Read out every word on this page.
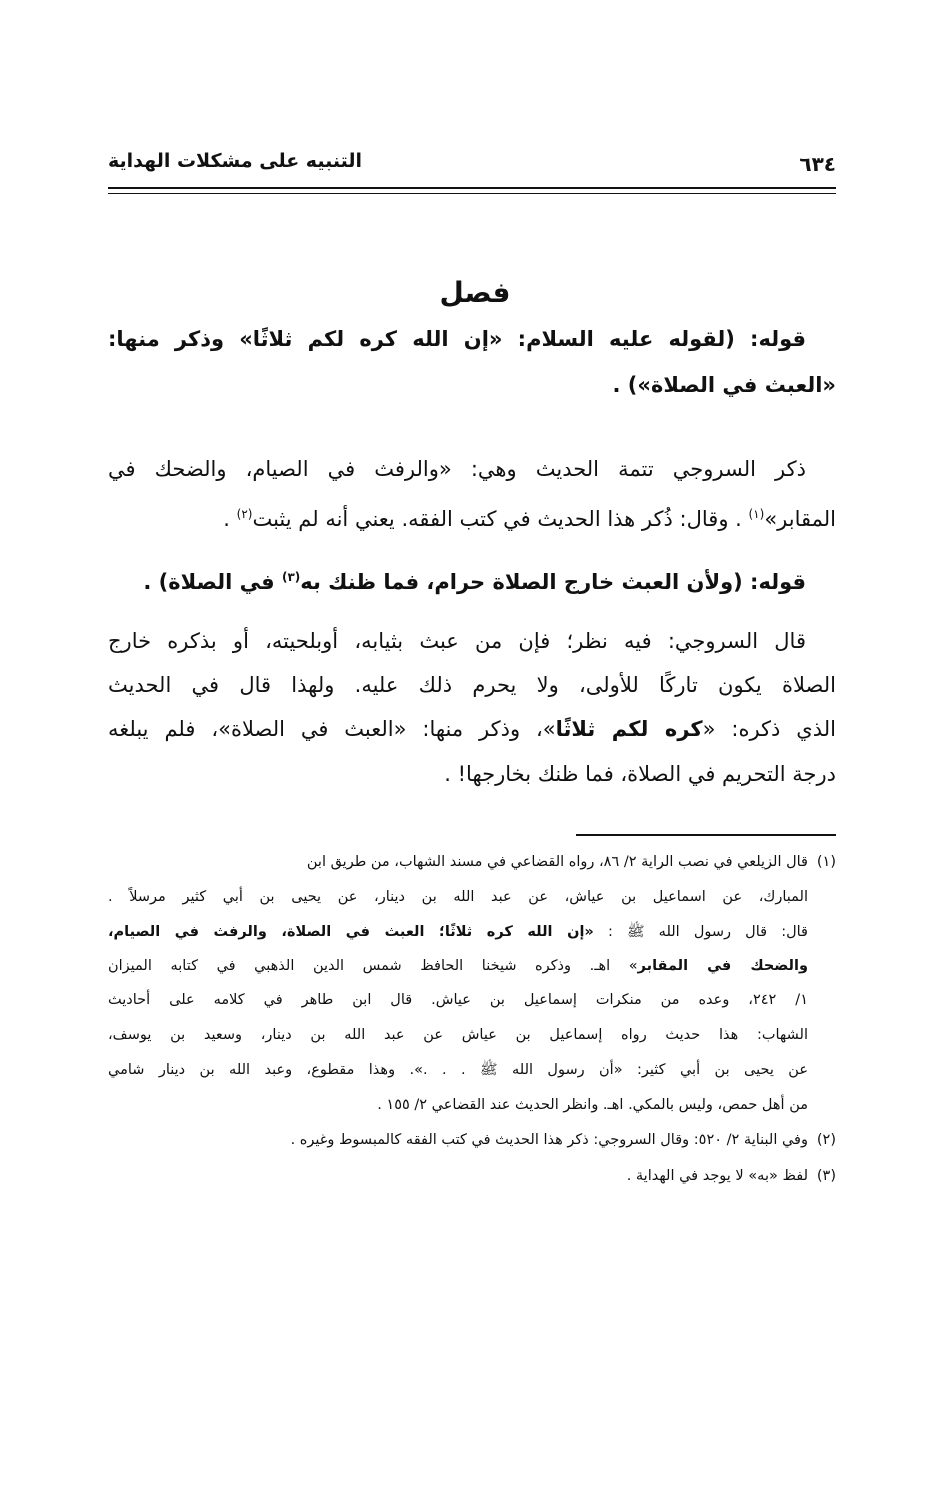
التنبيه على مشكلات الهداية	٦٣٤
فصل
قوله: (لقوله عليه السلام: «إن الله كره لكم ثلاثًا» وذكر منها:
«العبث في الصلاة») .
ذكر السروجي تتمة الحديث وهي: «والرفث في الصيام، والضحك في
المقابر»$^{(١)}$ . وقال: ذُكر هذا الحديث في كتب الفقه. يعني أنه لم يثبت$^{(٢)}$ .
قوله: (ولأن العبث خارج الصلاة حرام، فما ظنك به$^{(٣)}$ في الصلاة) .
قال السروجي: فيه نظر؛ فإن من عبث بثيابه، أوبلحيته، أو بذكره خارج
الصلاة يكون تاركًا للأولى، ولا يحرم ذلك عليه. ولهذا قال في الحديث
الذي ذكره: «كره لكم ثلاثًا»، وذكر منها: «العبث في الصلاة»، فلم يبلغه
درجة التحريم في الصلاة، فما ظنك بخارجها! .
(١)قال الزيلعي في نصب الراية ٢/ ٨٦، رواه القضاعي في مسند الشهاب، من طريق ابن
المبارك، عن اسماعيل بن عياش، عن عبد الله بن دينار، عن يحيى بن أبي كثير مرسلاً .
قال: قال رسول الله ﷺ : «إن الله كره ثلاثًا؛ العبث في الصلاة، والرفث في الصيام،
والضحك في المقابر» اهـ. وذكره شيخنا الحافظ شمس الدين الذهبي في كتابه الميزان
١/ ٢٤٢، وعده من منكرات إسماعيل بن عياش. قال ابن طاهر في كلامه على أحاديث
الشهاب: هذا حديث رواه إسماعيل بن عياش عن عبد الله بن دينار، وسعيد بن يوسف،
عن يحيى بن أبي كثير: «أن رسول الله ﷺ . . .». وهذا مقطوع، وعبد الله بن دينار شامي
من أهل حمص، وليس بالمكي. اهـ. وانظر الحديث عند القضاعي ٢/ ١٥٥ .
(٢)وفي البناية ٢/ ٥٢٠: وقال السروجي: ذكر هذا الحديث في كتب الفقه كالمبسوط وغيره .
(٣)لفظ «به» لا يوجد في الهداية .
